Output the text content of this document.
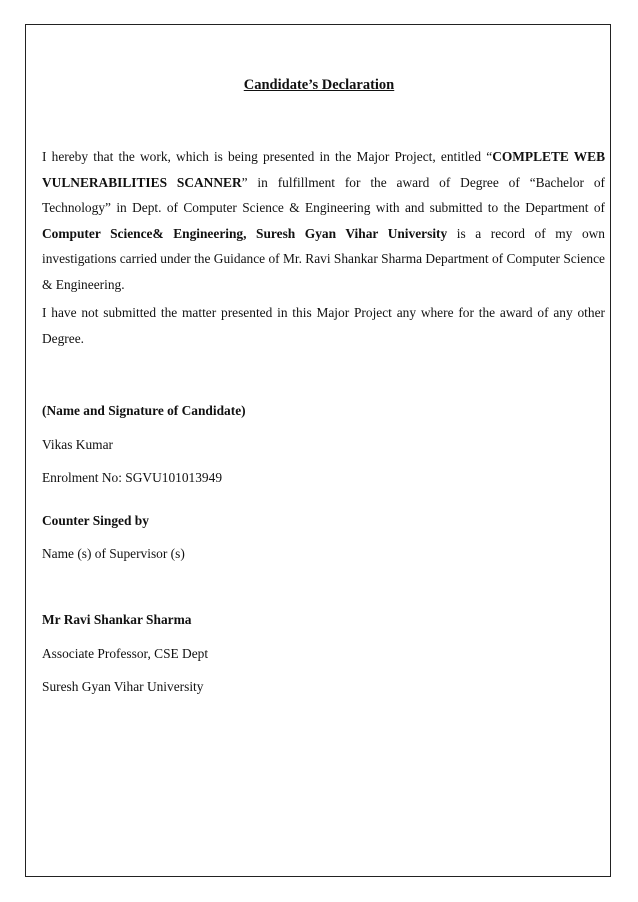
Candidate’s Declaration

I hereby that the work, which is being presented in the Major Project, entitled “COMPLETE WEB VULNERABILITIES SCANNER” in fulfillment for the award of Degree of “Bachelor of Technology” in Dept. of Computer Science & Engineering with and submitted to the Department of Computer Science& Engineering, Suresh Gyan Vihar University is a record of my own investigations carried under the Guidance of Mr. Ravi Shankar Sharma Department of Computer Science & Engineering.

I have not submitted the matter presented in this Major Project any where for the award of any other Degree.

(Name and Signature of Candidate)
Vikas Kumar
Enrolment No: SGVU101013949
Counter Singed by
Name (s) of Supervisor (s)
Mr Ravi Shankar Sharma
Associate Professor, CSE Dept
Suresh Gyan Vihar University
